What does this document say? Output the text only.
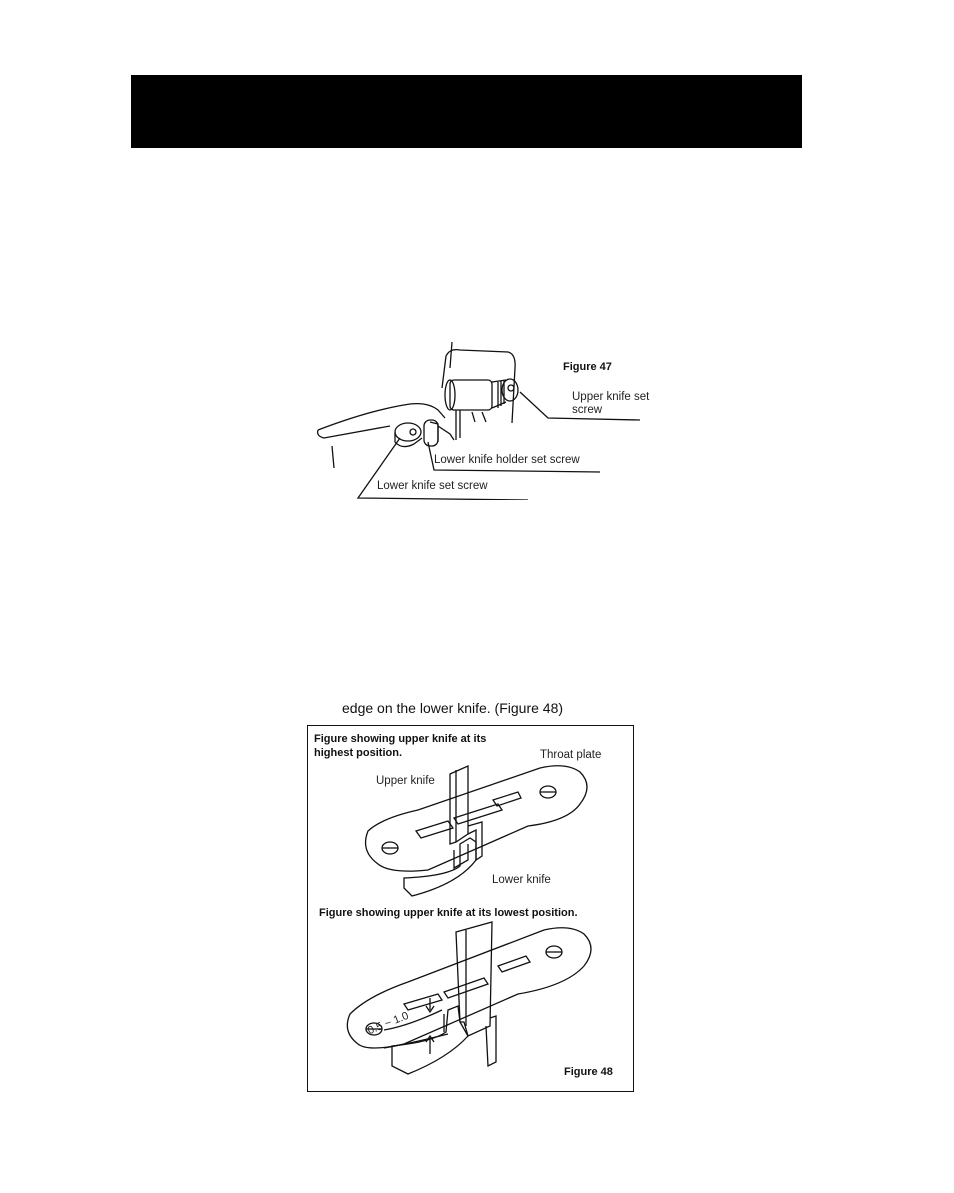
Figure 47
Upper knife set screw
Lower knife holder set screw
Lower knife set screw
edge on the lower knife. (Figure 48)
Figure showing upper knife at its highest position.	Throat plate
Upper knife
Lower knife
Figure showing upper knife at its lowest position.
0.5 ~ 1.0
Figure 48
